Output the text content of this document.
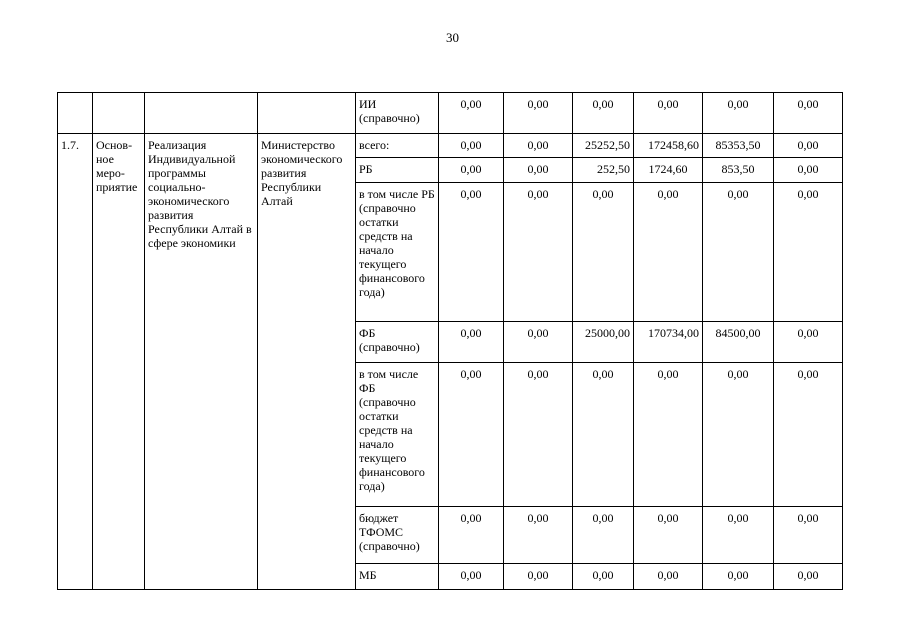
30
				ИИ (справочно)	0,00	0,00	0,00	0,00	0,00	0,00
1.7.	Основ-ное меро-приятие	Реализация Индивидуальной программы социально-экономического развития Республики Алтай в сфере экономики	Министерство экономического развития Республики Алтай	всего:	0,00	0,00	25252,50	172458,60	85353,50	0,00
				РБ	0,00	0,00	252,50	1724,60	853,50	0,00
				в том числе РБ (справочно остатки средств на начало текущего финансового года)	0,00	0,00	0,00	0,00	0,00	0,00
				ФБ (справочно)	0,00	0,00	25000,00	170734,00	84500,00	0,00
				в том числе ФБ (справочно остатки средств на начало текущего финансового года)	0,00	0,00	0,00	0,00	0,00	0,00
				бюджет ТФОМС (справочно)	0,00	0,00	0,00	0,00	0,00	0,00
				МБ	0,00	0,00	0,00	0,00	0,00	0,00
